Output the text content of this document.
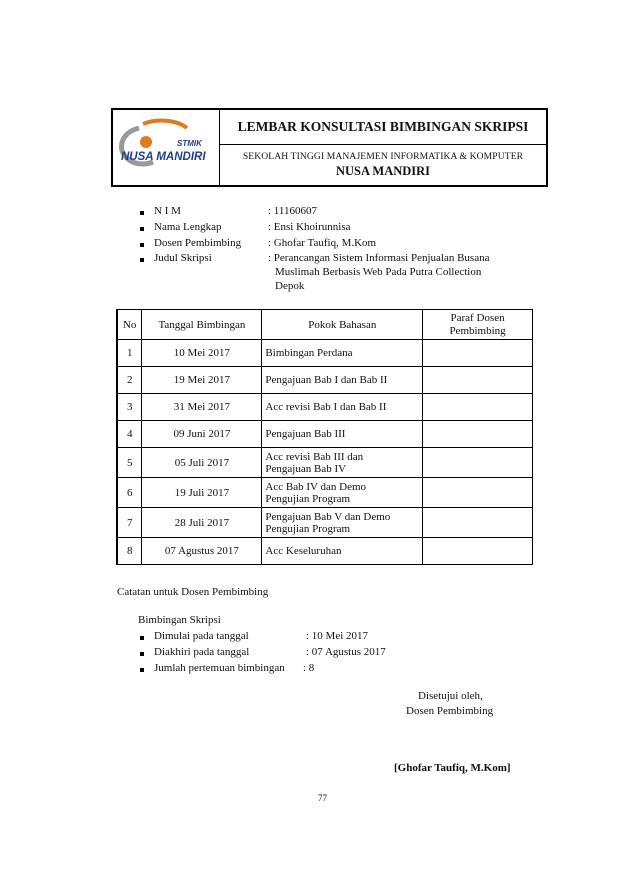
STMIK
NUSA MANDIRI
LEMBAR KONSULTASI BIMBINGAN SKRIPSI
SEKOLAH TINGGI MANAJEMEN INFORMATIKA & KOMPUTER
NUSA MANDIRI
N I M	: 11160607
Nama Lengkap	: Ensi Khoirunnisa
Dosen Pembimbing : Ghofar Taufiq, M.Kom
Judul Skripsi	: Perancangan Sistem Informasi Penjualan Busana
Muslimah Berbasis Web Pada Putra Collection
Depok
No	Tanggal Bimbingan	Pokok Bahasan	Paraf Dosen
Pembimbing

1	10 Mei 2017	Bimbingan Perdana	
2	19 Mei 2017	Pengajuan Bab I dan Bab II	
3	31 Mei 2017	Acc revisi Bab I dan Bab II	
4	09 Juni 2017	Pengajuan Bab III	
5	05 Juli 2017	Acc revisi Bab III dan
Pengajuan Bab IV	

6	19 Juli 2017	Acc Bab IV dan Demo
Pengujian Program	

7	28 Juli 2017	Pengajuan Bab V dan Demo
Pengujian Program	

8	07 Agustus 2017	Acc Keseluruhan	
Catatan untuk Dosen Pembimbing
Bimbingan Skripsi
Dimulai pada tanggal	: 10 Mei 2017
Diakhiri pada tanggal	: 07 Agustus 2017
Jumlah pertemuan bimbingan : 8
Disetujui oleh,
Dosen Pembimbing
[Ghofar Taufiq, M.Kom]
77
